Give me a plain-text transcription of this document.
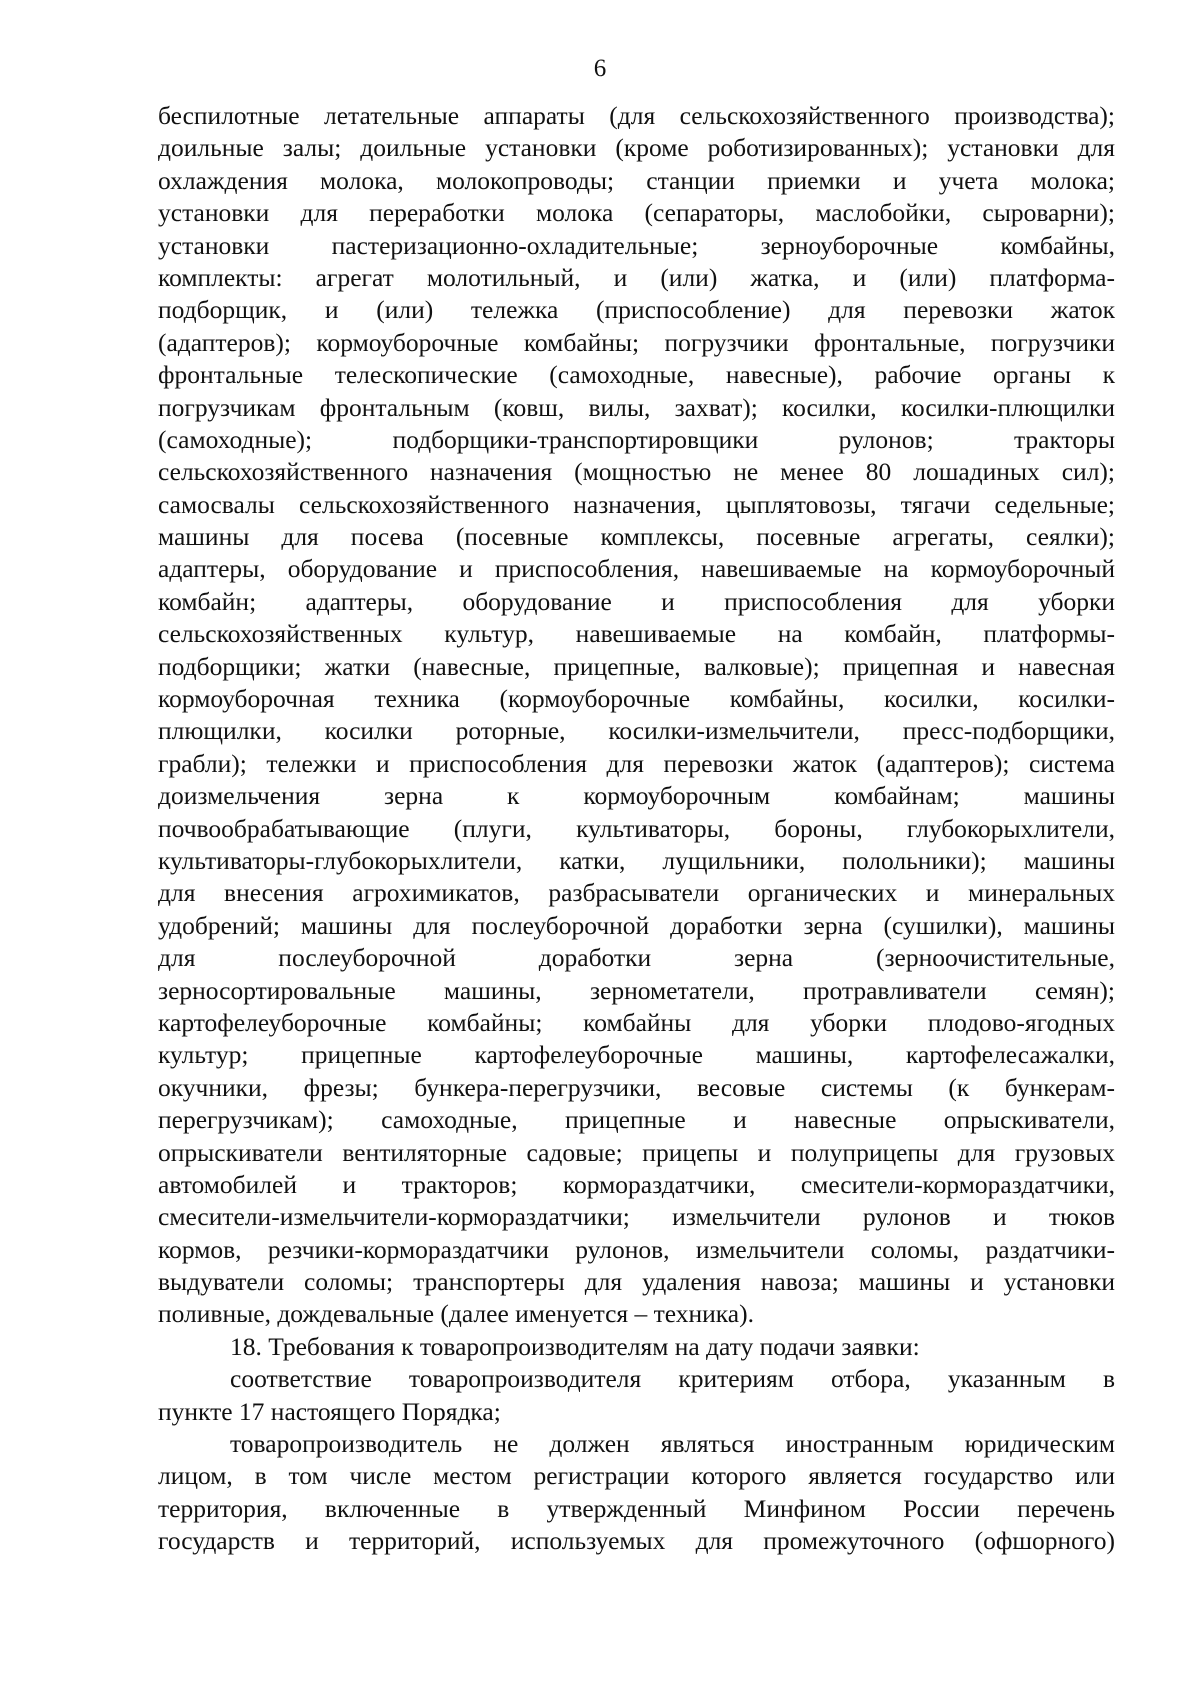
6
беспилотные летательные аппараты (для сельскохозяйственного производства);
доильные залы; доильные установки (кроме роботизированных); установки для
охлаждения молока, молокопроводы; станции приемки и учета молока;
установки для переработки молока (сепараторы, маслобойки, сыроварни);
установки пастеризационно-охладительные; зерноуборочные комбайны,
комплекты: агрегат молотильный, и (или) жатка, и (или) платформа-
подборщик, и (или) тележка (приспособление) для перевозки жаток
(адаптеров); кормоуборочные комбайны; погрузчики фронтальные, погрузчики
фронтальные телескопические (самоходные, навесные), рабочие органы к
погрузчикам фронтальным (ковш, вилы, захват); косилки, косилки-плющилки
(самоходные); подборщики-транспортировщики рулонов; тракторы
сельскохозяйственного назначения (мощностью не менее 80 лошадиных сил);
самосвалы сельскохозяйственного назначения, цыплятовозы, тягачи седельные;
машины для посева (посевные комплексы, посевные агрегаты, сеялки);
адаптеры, оборудование и приспособления, навешиваемые на кормоуборочный
комбайн; адаптеры, оборудование и приспособления для уборки
сельскохозяйственных культур, навешиваемые на комбайн, платформы-
подборщики; жатки (навесные, прицепные, валковые); прицепная и навесная
кормоуборочная техника (кормоуборочные комбайны, косилки, косилки-
плющилки, косилки роторные, косилки-измельчители, пресс-подборщики,
грабли); тележки и приспособления для перевозки жаток (адаптеров); система
доизмельчения зерна к кормоуборочным комбайнам; машины
почвообрабатывающие (плуги, культиваторы, бороны, глубокорыхлители,
культиваторы-глубокорыхлители, катки, лущильники, полольники); машины
для внесения агрохимикатов, разбрасыватели органических и минеральных
удобрений; машины для послеуборочной доработки зерна (сушилки), машины
для послеуборочной доработки зерна (зерноочистительные,
зерносортировальные машины, зернометатели, протравливатели семян);
картофелеуборочные комбайны; комбайны для уборки плодово-ягодных
культур; прицепные картофелеуборочные машины, картофелесажалки,
окучники, фрезы; бункера-перегрузчики, весовые системы (к бункерам-
перегрузчикам); самоходные, прицепные и навесные опрыскиватели,
опрыскиватели вентиляторные садовые; прицепы и полуприцепы для грузовых
автомобилей и тракторов; кормораздатчики, смесители-кормораздатчики,
смесители-измельчители-кормораздатчики; измельчители рулонов и тюков
кормов, резчики-кормораздатчики рулонов, измельчители соломы, раздатчики-
выдуватели соломы; транспортеры для удаления навоза; машины и установки
поливные, дождевальные (далее именуется – техника).
18. Требования к товаропроизводителям на дату подачи заявки:
соответствие товаропроизводителя критериям отбора, указанным в
пункте 17 настоящего Порядка;
товаропроизводитель не должен являться иностранным юридическим
лицом, в том числе местом регистрации которого является государство или
территория, включенные в утвержденный Минфином России перечень
государств и территорий, используемых для промежуточного (офшорного)
